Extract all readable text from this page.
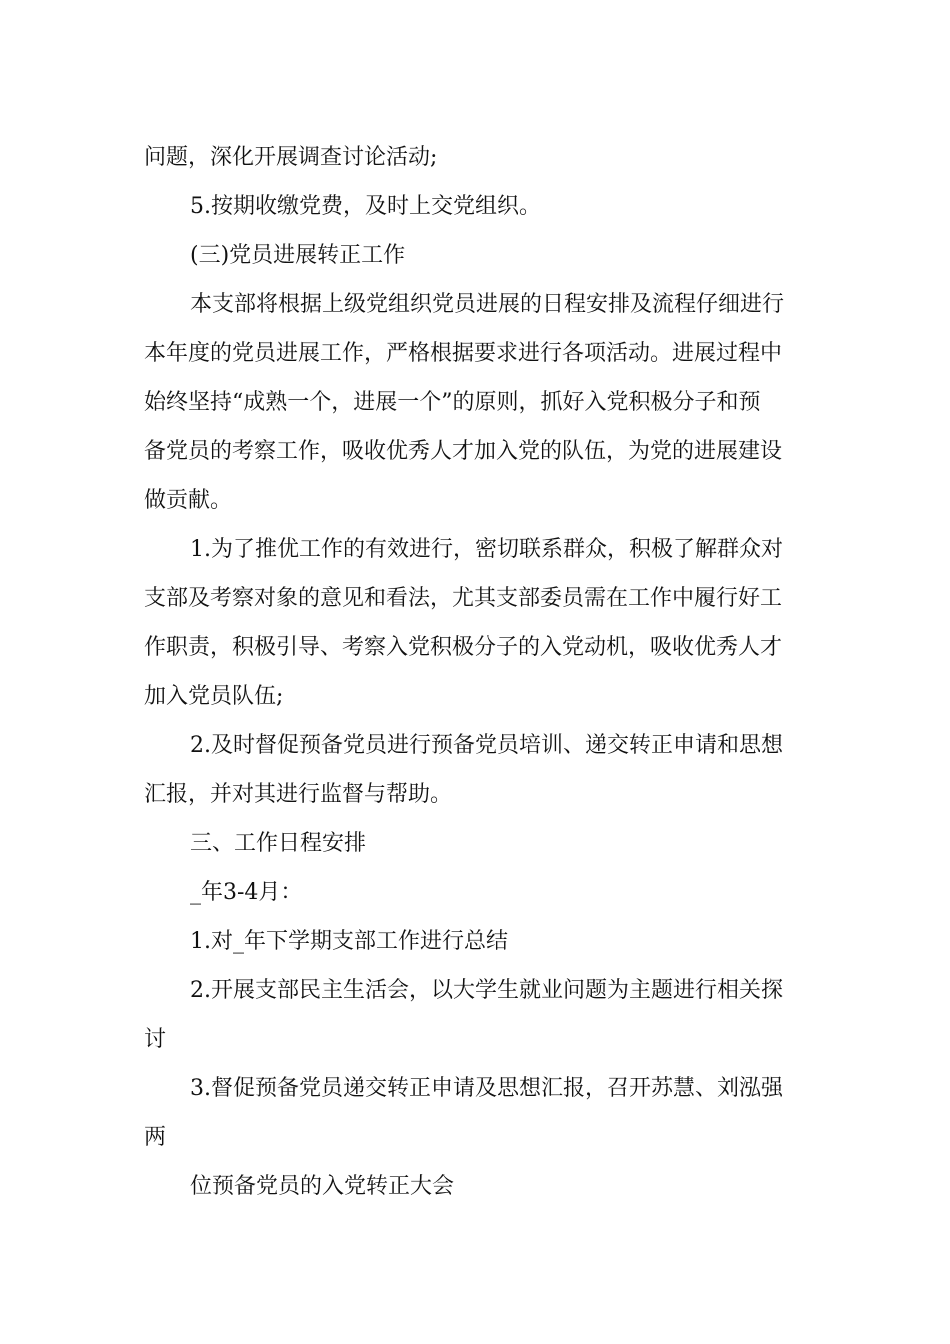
问题，深化开展调查讨论活动;

5.按期收缴党费，及时上交党组织。

(三)党员进展转正工作

本支部将根据上级党组织党员进展的日程安排及流程仔细进行

本年度的党员进展工作，严格根据要求进行各项活动。进展过程中

始终坚持“成熟一个，进展一个”的原则，抓好入党积极分子和预

备党员的考察工作，吸收优秀人才加入党的队伍，为党的进展建设

做贡献。

1.为了推优工作的有效进行，密切联系群众，积极了解群众对

支部及考察对象的意见和看法，尤其支部委员需在工作中履行好工

作职责，积极引导、考察入党积极分子的入党动机，吸收优秀人才

加入党员队伍;

2.及时督促预备党员进行预备党员培训、递交转正申请和思想

汇报，并对其进行监督与帮助。

三、工作日程安排

_年3-4月：

1.对_年下学期支部工作进行总结

2.开展支部民主生活会，以大学生就业问题为主题进行相关探

讨

3.督促预备党员递交转正申请及思想汇报，召开苏慧、刘泓强

两

位预备党员的入党转正大会
